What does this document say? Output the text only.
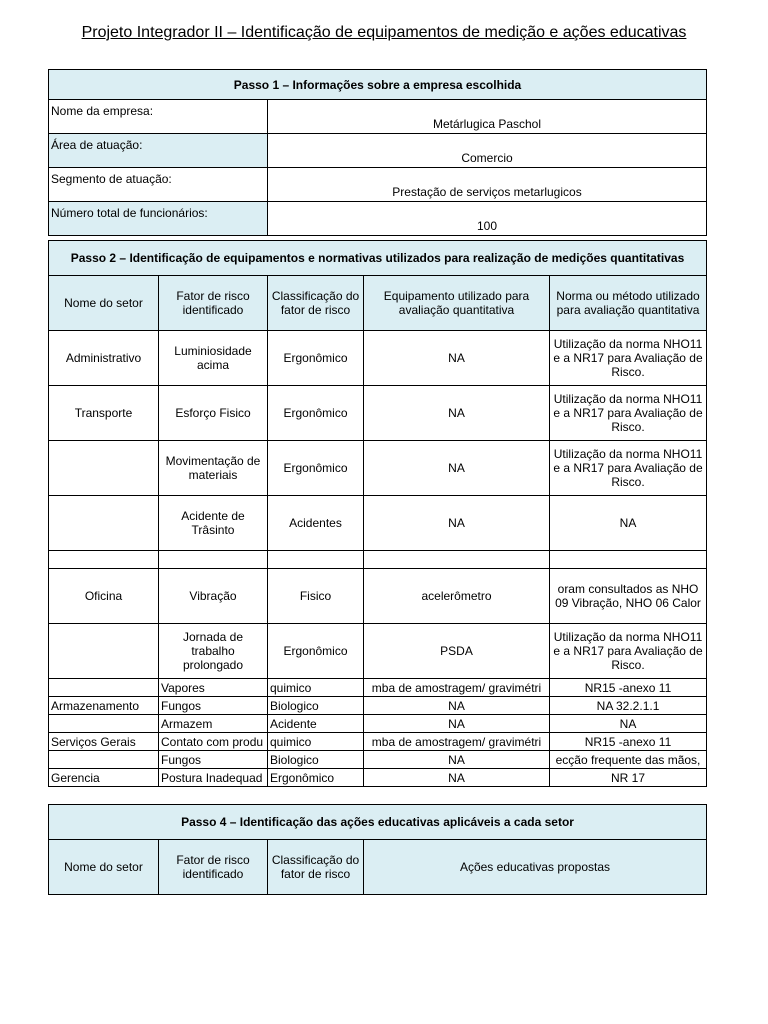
Projeto Integrador II – Identificação de equipamentos de medição e ações educativas
Passo 1 – Informações sobre a empresa escolhida	
Nome da empresa:	Metárlugica Paschol
Área de atuação:	Comercio
Segmento de atuação:	Prestação de serviços metarlugicos
Número total de funcionários:	100
Passo 2 – Identificação de equipamentos e normativas utilizados para realização de medições quantitativas				
Nome do setor	Fator de risco identificado	Classificação do fator de risco	Equipamento utilizado para avaliação quantitativa	Norma ou método utilizado para avaliação quantitativa
Administrativo	Luminiosidade acima	Ergonômico	NA	Utilização da norma NHO11 e a NR17 para Avaliação de Risco.
Transporte	Esforço Fisico	Ergonômico	NA	Utilização da norma NHO11 e a NR17 para Avaliação de Risco.
	Movimentação de materiais	Ergonômico	NA	Utilização da norma NHO11 e a NR17 para Avaliação de Risco.
	Acidente de Trâsinto	Acidentes	NA	NA

Oficina	Vibração	Fisico	acelerômetro	oram consultados as NHO 09 Vibração, NHO 06 Calor
	Jornada de trabalho prolongado	Ergonômico	PSDA	Utilização da norma NHO11 e a NR17 para Avaliação de Risco.
	Vapores	quimico	mba de amostragem/ gravimétri	NR15 -anexo 11
Armazenamento	Fungos	Biologico	NA	NA 32.2.1.1
	Armazem	Acidente	NA	NA
Serviços Gerais	Contato com produ	quimico	mba de amostragem/ gravimétri	NR15 -anexo 11
	Fungos	Biologico	NA	ecção frequente das mãos,
Gerencia	Postura Inadequad	Ergonômico	NA	NR 17
Passo 4 – Identificação das ações educativas aplicáveis a cada setor
Nome do setor	Fator de risco identificado	Classificação do fator de risco	Ações educativas propostas
